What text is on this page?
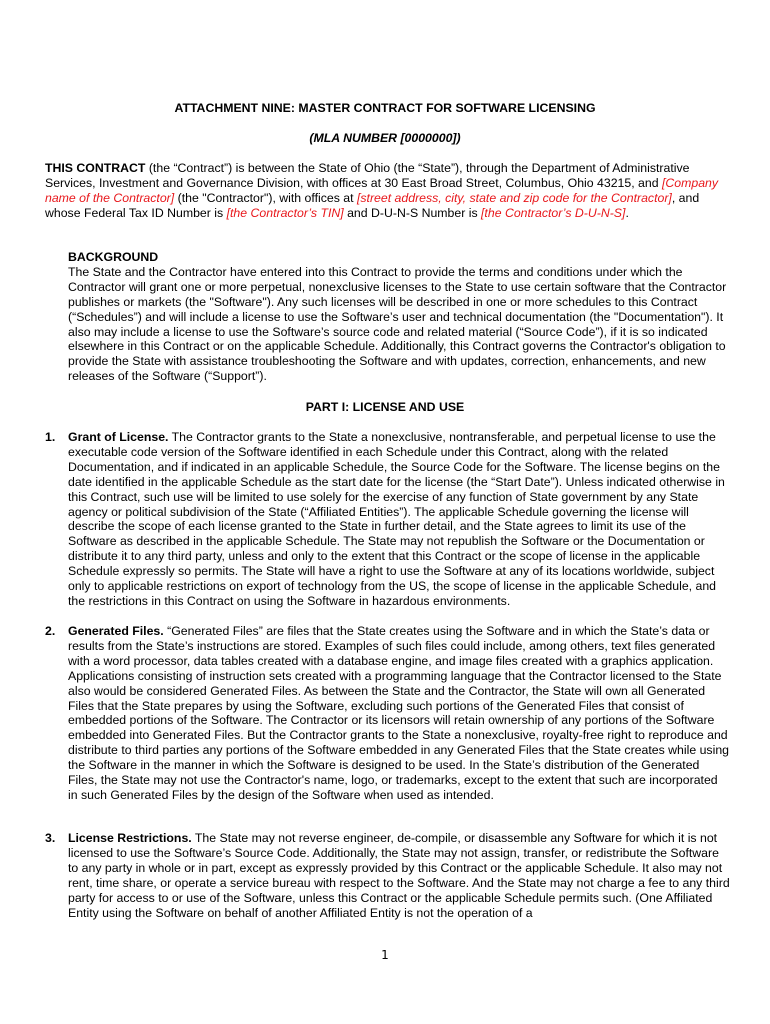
ATTACHMENT NINE: MASTER CONTRACT FOR SOFTWARE LICENSING
(MLA NUMBER [0000000])
THIS CONTRACT (the “Contract”) is between the State of Ohio (the “State”), through the Department of Administrative Services, Investment and Governance Division, with offices at 30 East Broad Street, Columbus, Ohio 43215, and [Company name of the Contractor] (the "Contractor"), with offices at [street address, city, state and zip code for the Contractor], and whose Federal Tax ID Number is [the Contractor’s TIN] and D-U-N-S Number is [the Contractor’s D-U-N-S].
BACKGROUND
The State and the Contractor have entered into this Contract to provide the terms and conditions under which the Contractor will grant one or more perpetual, nonexclusive licenses to the State to use certain software that the Contractor publishes or markets (the "Software"). Any such licenses will be described in one or more schedules to this Contract (“Schedules”) and will include a license to use the Software’s user and technical documentation (the "Documentation"). It also may include a license to use the Software’s source code and related material (“Source Code”), if it is so indicated elsewhere in this Contract or on the applicable Schedule. Additionally, this Contract governs the Contractor's obligation to provide the State with assistance troubleshooting the Software and with updates, correction, enhancements, and new releases of the Software (“Support”).
PART I: LICENSE AND USE
1. Grant of License. The Contractor grants to the State a nonexclusive, nontransferable, and perpetual license to use the executable code version of the Software identified in each Schedule under this Contract, along with the related Documentation, and if indicated in an applicable Schedule, the Source Code for the Software. The license begins on the date identified in the applicable Schedule as the start date for the license (the “Start Date”). Unless indicated otherwise in this Contract, such use will be limited to use solely for the exercise of any function of State government by any State agency or political subdivision of the State (“Affiliated Entities”). The applicable Schedule governing the license will describe the scope of each license granted to the State in further detail, and the State agrees to limit its use of the Software as described in the applicable Schedule. The State may not republish the Software or the Documentation or distribute it to any third party, unless and only to the extent that this Contract or the scope of license in the applicable Schedule expressly so permits. The State will have a right to use the Software at any of its locations worldwide, subject only to applicable restrictions on export of technology from the US, the scope of license in the applicable Schedule, and the restrictions in this Contract on using the Software in hazardous environments.
2. Generated Files. “Generated Files” are files that the State creates using the Software and in which the State’s data or results from the State’s instructions are stored. Examples of such files could include, among others, text files generated with a word processor, data tables created with a database engine, and image files created with a graphics application. Applications consisting of instruction sets created with a programming language that the Contractor licensed to the State also would be considered Generated Files. As between the State and the Contractor, the State will own all Generated Files that the State prepares by using the Software, excluding such portions of the Generated Files that consist of embedded portions of the Software. The Contractor or its licensors will retain ownership of any portions of the Software embedded into Generated Files. But the Contractor grants to the State a nonexclusive, royalty-free right to reproduce and distribute to third parties any portions of the Software embedded in any Generated Files that the State creates while using the Software in the manner in which the Software is designed to be used. In the State’s distribution of the Generated Files, the State may not use the Contractor's name, logo, or trademarks, except to the extent that such are incorporated in such Generated Files by the design of the Software when used as intended.
3. License Restrictions. The State may not reverse engineer, de-compile, or disassemble any Software for which it is not licensed to use the Software’s Source Code. Additionally, the State may not assign, transfer, or redistribute the Software to any party in whole or in part, except as expressly provided by this Contract or the applicable Schedule. It also may not rent, time share, or operate a service bureau with respect to the Software. And the State may not charge a fee to any third party for access to or use of the Software, unless this Contract or the applicable Schedule permits such. (One Affiliated Entity using the Software on behalf of another Affiliated Entity is not the operation of a
1
